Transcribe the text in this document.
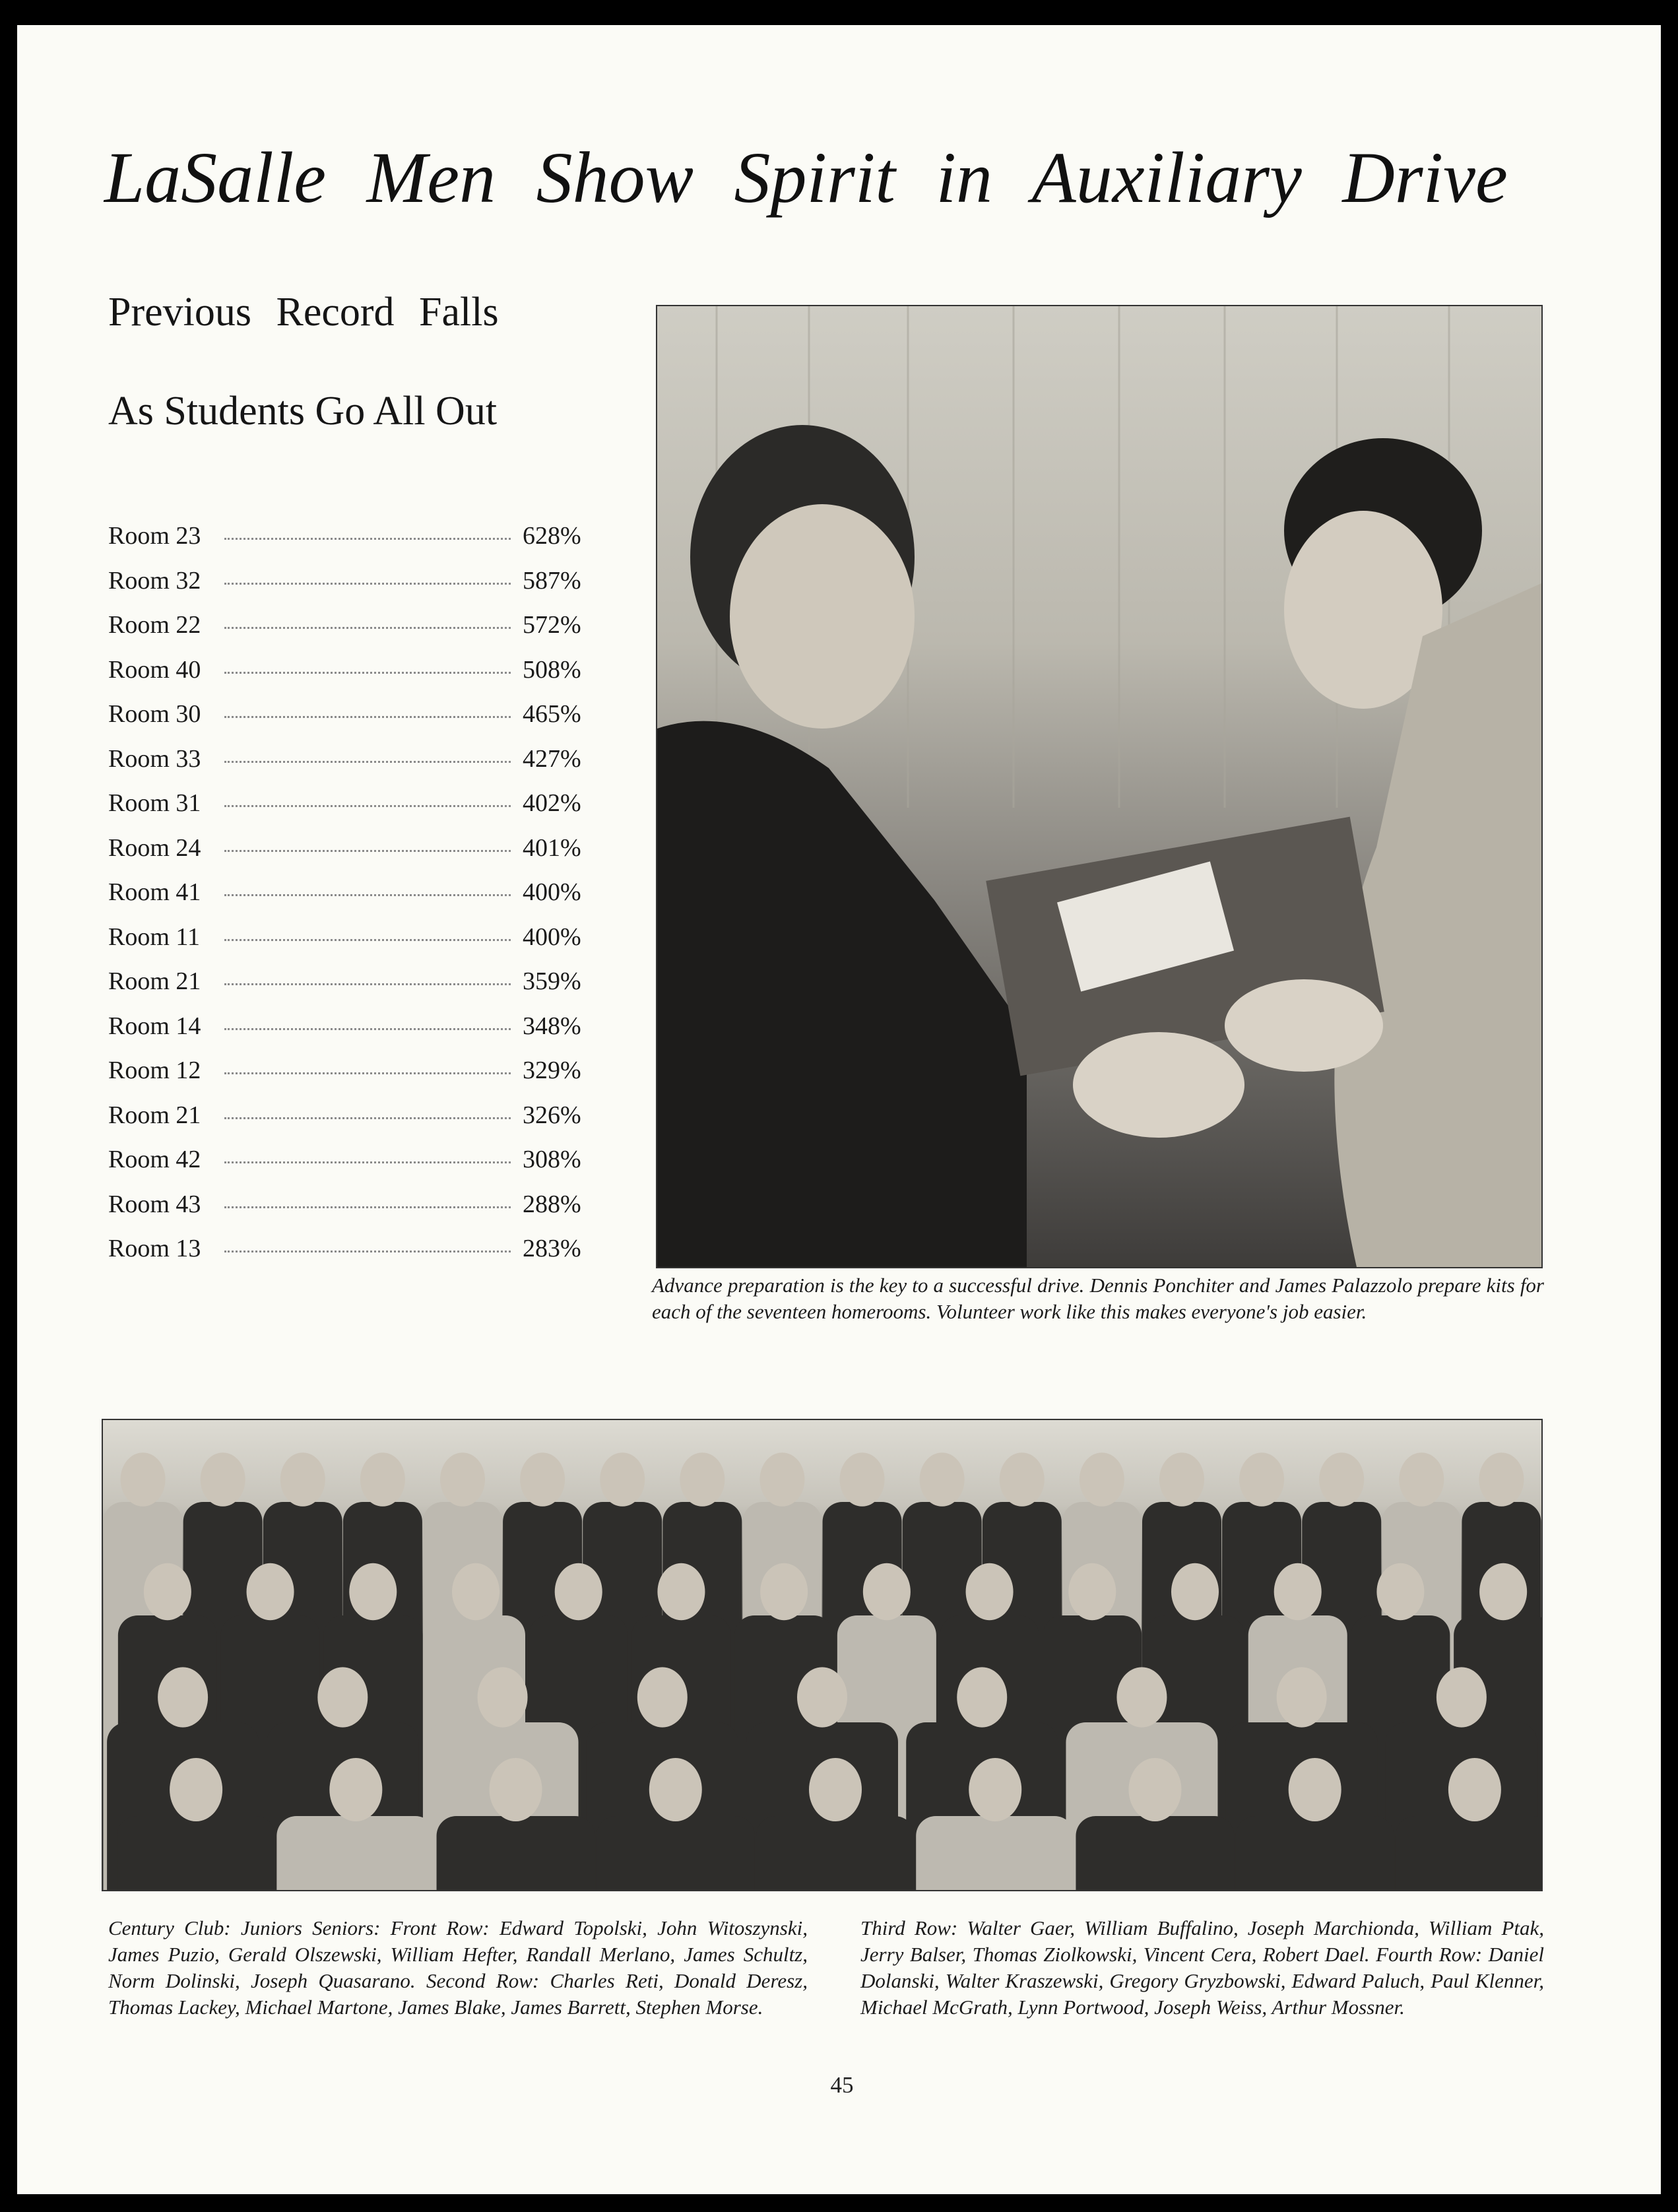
LaSalle Men Show Spirit in Auxiliary Drive
Previous Record Falls
As Students Go All Out
Room 23	628%
Room 32	587%
Room 22	572%
Room 40	508%
Room 30	465%
Room 33	427%
Room 31	402%
Room 24	401%
Room 41	400%
Room 11	400%
Room 21	359%
Room 14	348%
Room 12	329%
Room 21	326%
Room 42	308%
Room 43	288%
Room 13	283%

Advance preparation is the key to a successful drive. Dennis Ponchiter and James Palazzolo prepare kits for each of the seventeen homerooms. Volunteer work like this makes everyone's job easier.

Century Club: Juniors Seniors: Front Row: Edward Topolski, John Witoszynski, James Puzio, Gerald Olszewski, William Hefter, Randall Merlano, James Schultz, Norm Dolinski, Joseph Quasarano. Second Row: Charles Reti, Donald Deresz, Thomas Lackey, Michael Martone, James Blake, James Barrett, Stephen Morse.

Third Row: Walter Gaer, William Buffalino, Joseph Marchionda, William Ptak, Jerry Balser, Thomas Ziolkowski, Vincent Cera, Robert Dael. Fourth Row: Daniel Dolanski, Walter Kraszewski, Gregory Gryzbowski, Edward Paluch, Paul Klenner, Michael McGrath, Lynn Portwood, Joseph Weiss, Arthur Mossner.

45
